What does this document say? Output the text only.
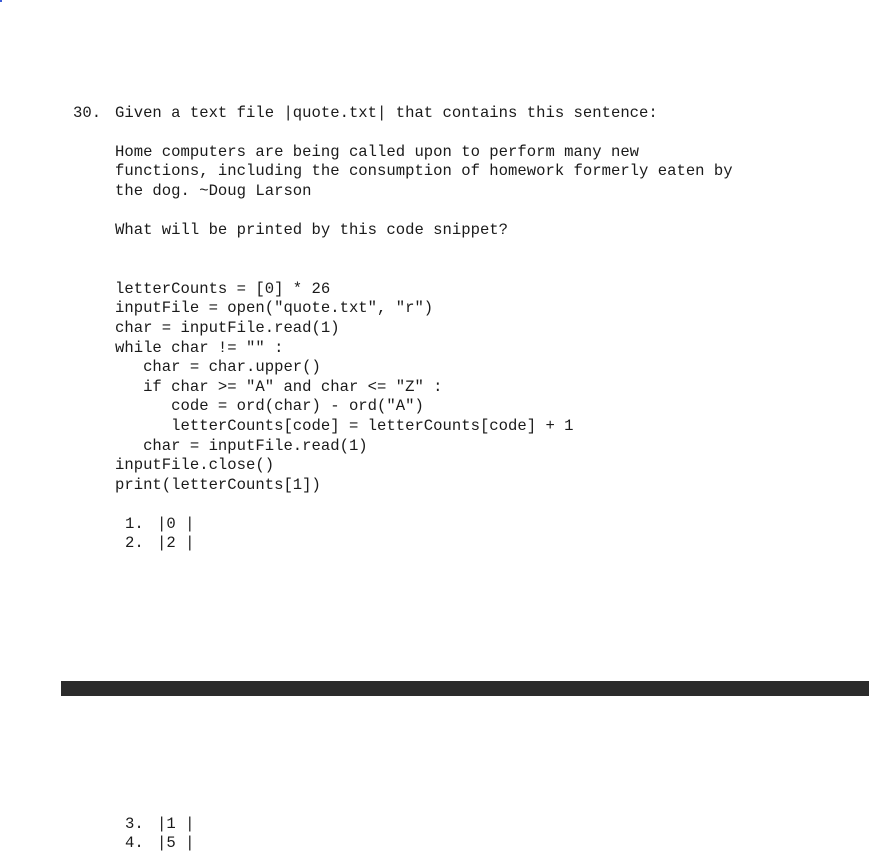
30. Given a text file |quote.txt| that contains this sentence:
Home computers are being called upon to perform many new
functions, including the consumption of homework formerly eaten by
the dog. ~Doug Larson
What will be printed by this code snippet?
letterCounts = [0] * 26
inputFile = open("quote.txt", "r")
char = inputFile.read(1)
while char != "" :
char = char.upper()
if char >= "A" and char <= "Z" :
code = ord(char) - ord("A")
letterCounts[code] = letterCounts[code] + 1
char = inputFile.read(1)
inputFile.close()
print(letterCounts[1])
1. |0 |
2. |2 |
3. |1 |
4. |5 |
